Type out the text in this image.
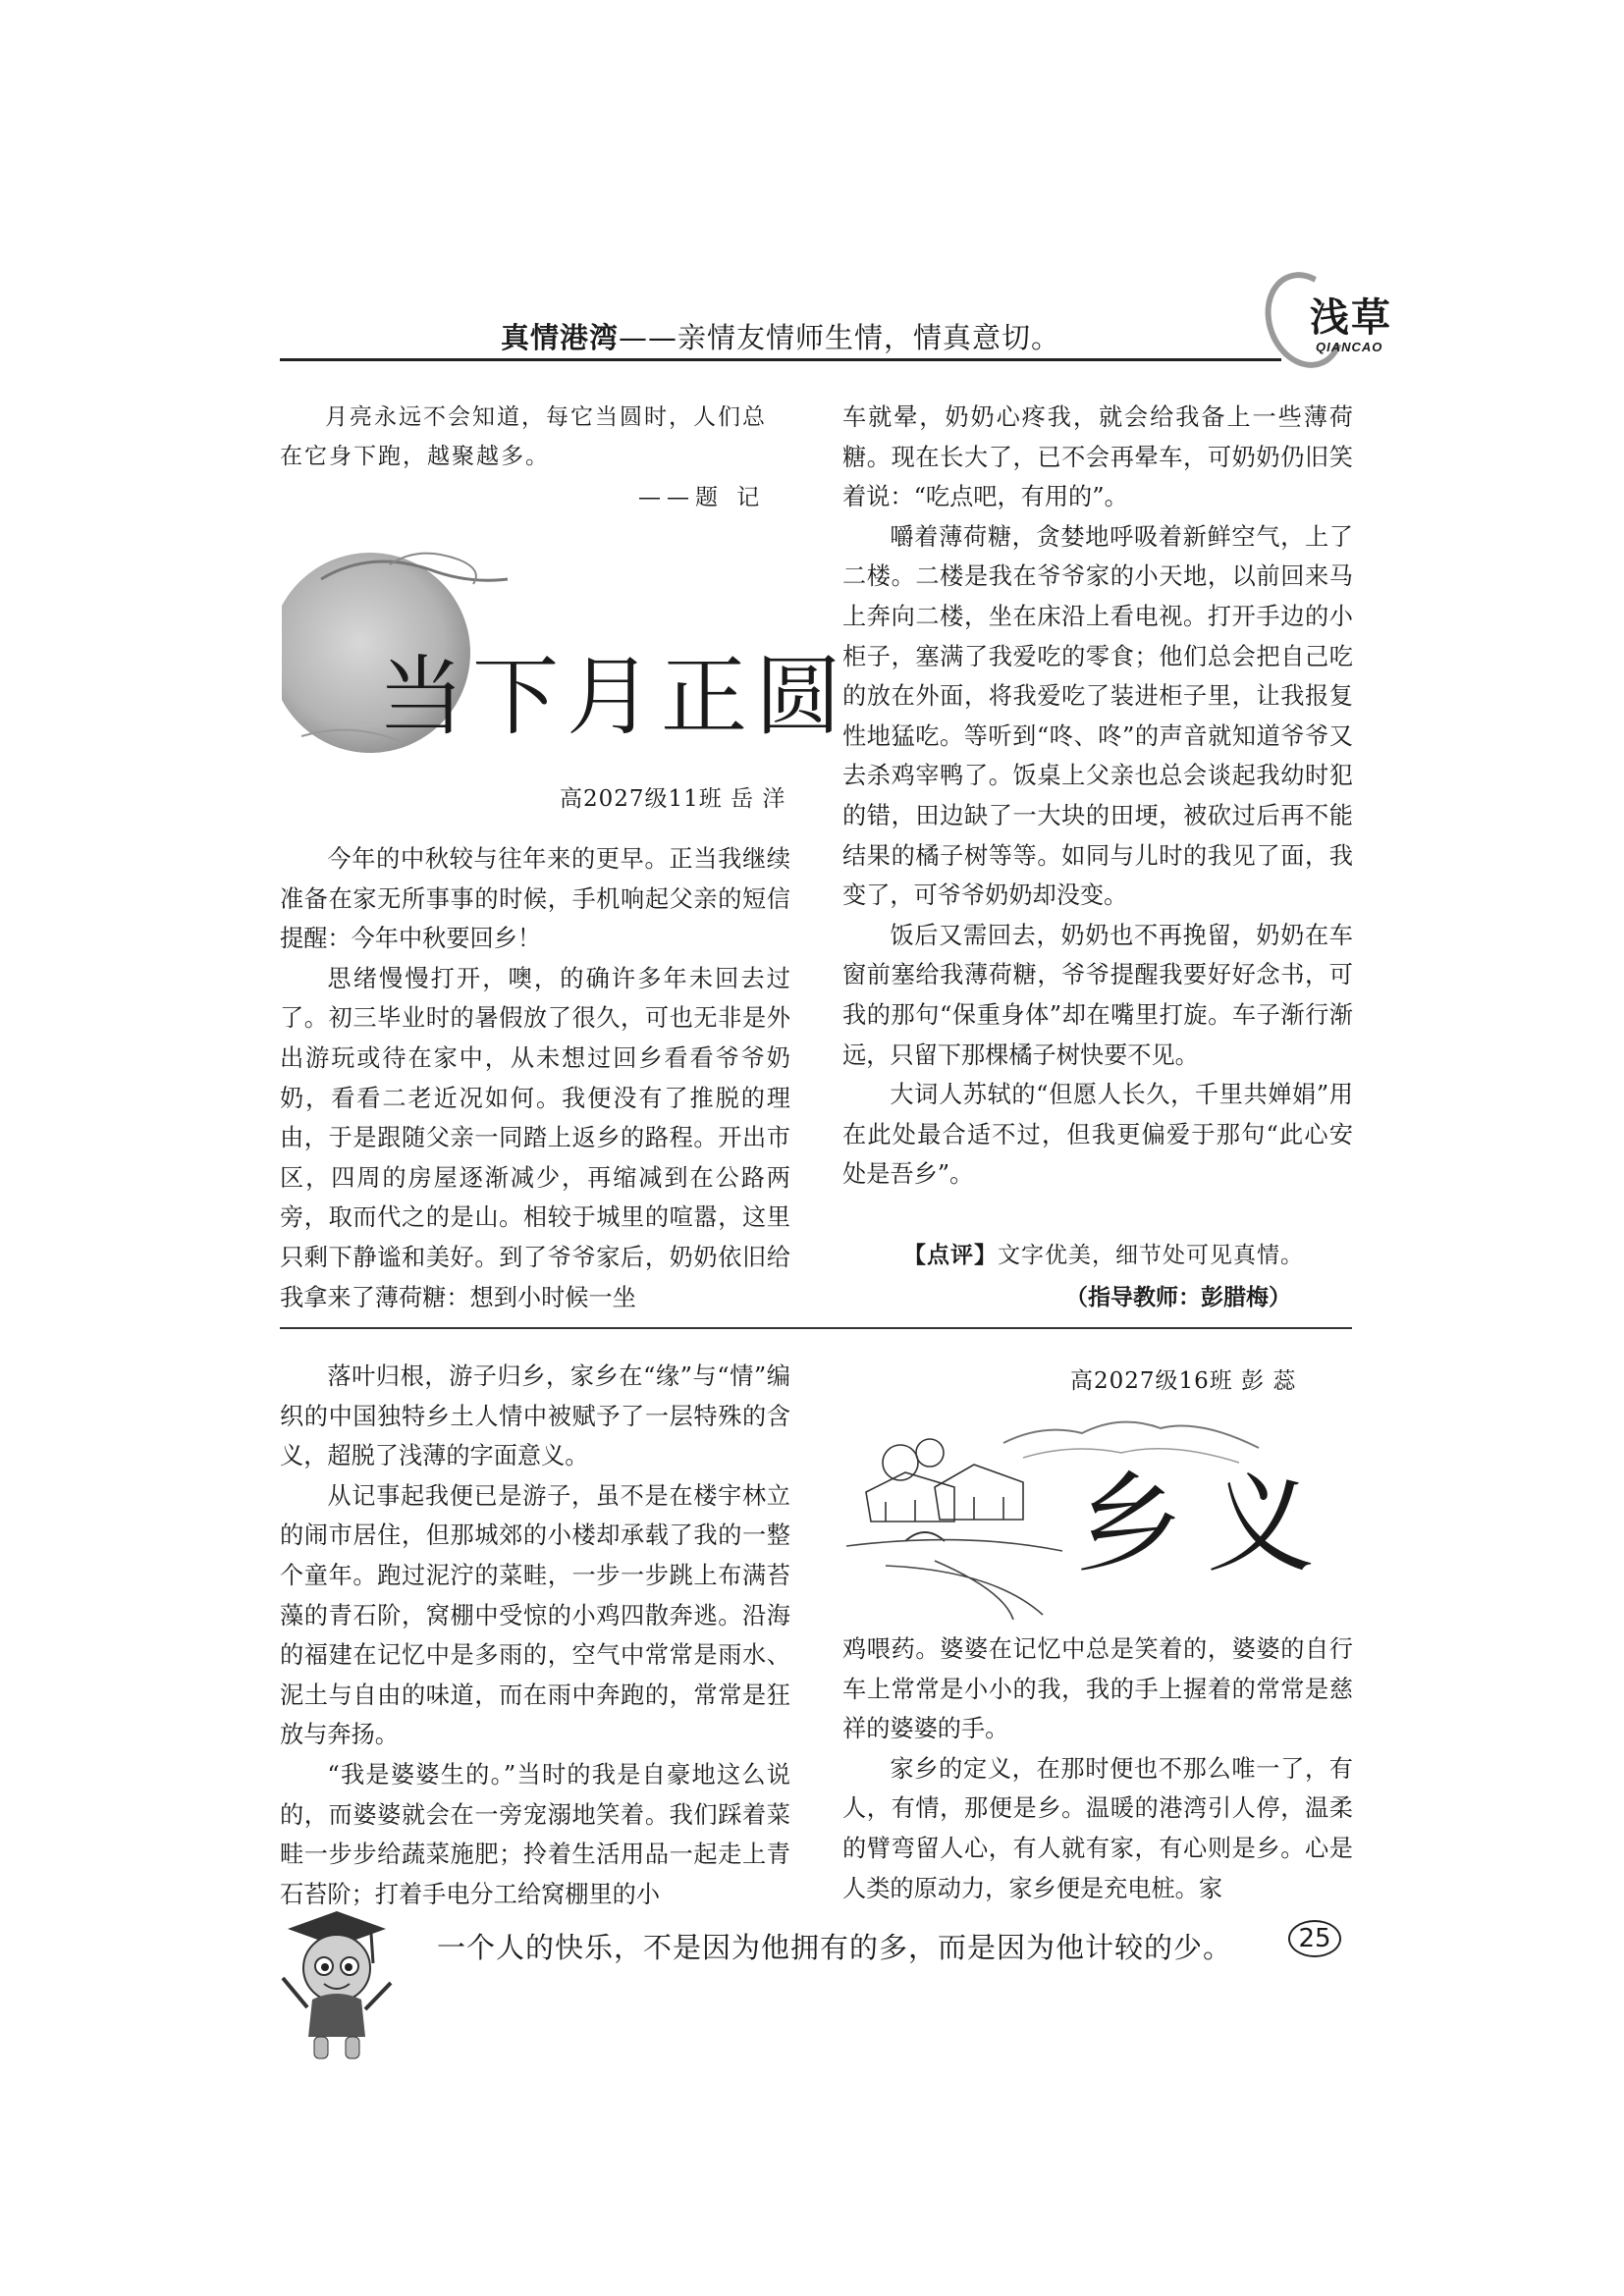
真情港湾——亲情友情师生情，情真意切。	浅草
QIANCAO

月亮永远不会知道，每它当圆时，人们总在它身下跑，越聚越多。

——题 记
当下月正圆
高2027级11班 岳 洋

今年的中秋较与往年来的更早。正当我继续准备在家无所事事的时候，手机响起父亲的短信提醒：今年中秋要回乡！

思绪慢慢打开，噢，的确许多年未回去过了。初三毕业时的暑假放了很久，可也无非是外出游玩或待在家中，从未想过回乡看看爷爷奶奶，看看二老近况如何。我便没有了推脱的理由，于是跟随父亲一同踏上返乡的路程。开出市区，四周的房屋逐渐减少，再缩减到在公路两旁，取而代之的是山。相较于城里的喧嚣，这里只剩下静谧和美好。到了爷爷家后，奶奶依旧给我拿来了薄荷糖：想到小时候一坐

车就晕，奶奶心疼我，就会给我备上一些薄荷糖。现在长大了，已不会再晕车，可奶奶仍旧笑着说：“吃点吧，有用的”。

嚼着薄荷糖，贪婪地呼吸着新鲜空气，上了二楼。二楼是我在爷爷家的小天地，以前回来马上奔向二楼，坐在床沿上看电视。打开手边的小柜子，塞满了我爱吃的零食；他们总会把自己吃的放在外面，将我爱吃了装进柜子里，让我报复性地猛吃。等听到“咚、咚”的声音就知道爷爷又去杀鸡宰鸭了。饭桌上父亲也总会谈起我幼时犯的错，田边缺了一大块的田埂，被砍过后再不能结果的橘子树等等。如同与儿时的我见了面，我变了，可爷爷奶奶却没变。

饭后又需回去，奶奶也不再挽留，奶奶在车窗前塞给我薄荷糖，爷爷提醒我要好好念书，可我的那句“保重身体”却在嘴里打旋。车子渐行渐远，只留下那棵橘子树快要不见。

大词人苏轼的“但愿人长久，千里共婵娟”用在此处最合适不过，但我更偏爱于那句“此心安处是吾乡”。

【点评】文字优美，细节处可见真情。
（指导教师：彭腊梅）

落叶归根，游子归乡，家乡在“缘”与“情”编织的中国独特乡土人情中被赋予了一层特殊的含义，超脱了浅薄的字面意义。

从记事起我便已是游子，虽不是在楼宇林立的闹市居住，但那城郊的小楼却承载了我的一整个童年。跑过泥泞的菜畦，一步一步跳上布满苔藻的青石阶，窝棚中受惊的小鸡四散奔逃。沿海的福建在记忆中是多雨的，空气中常常是雨水、泥土与自由的味道，而在雨中奔跑的，常常是狂放与奔扬。

“我是婆婆生的。”当时的我是自豪地这么说的，而婆婆就会在一旁宠溺地笑着。我们踩着菜畦一步步给蔬菜施肥；拎着生活用品一起走上青石苔阶；打着手电分工给窝棚里的小

高2027级16班 彭 蕊
乡义

鸡喂药。婆婆在记忆中总是笑着的，婆婆的自行车上常常是小小的我，我的手上握着的常常是慈祥的婆婆的手。

家乡的定义，在那时便也不那么唯一了，有人，有情，那便是乡。温暖的港湾引人停，温柔的臂弯留人心，有人就有家，有心则是乡。心是人类的原动力，家乡便是充电桩。家

一个人的快乐，不是因为他拥有的多，而是因为他计较的少。	25
